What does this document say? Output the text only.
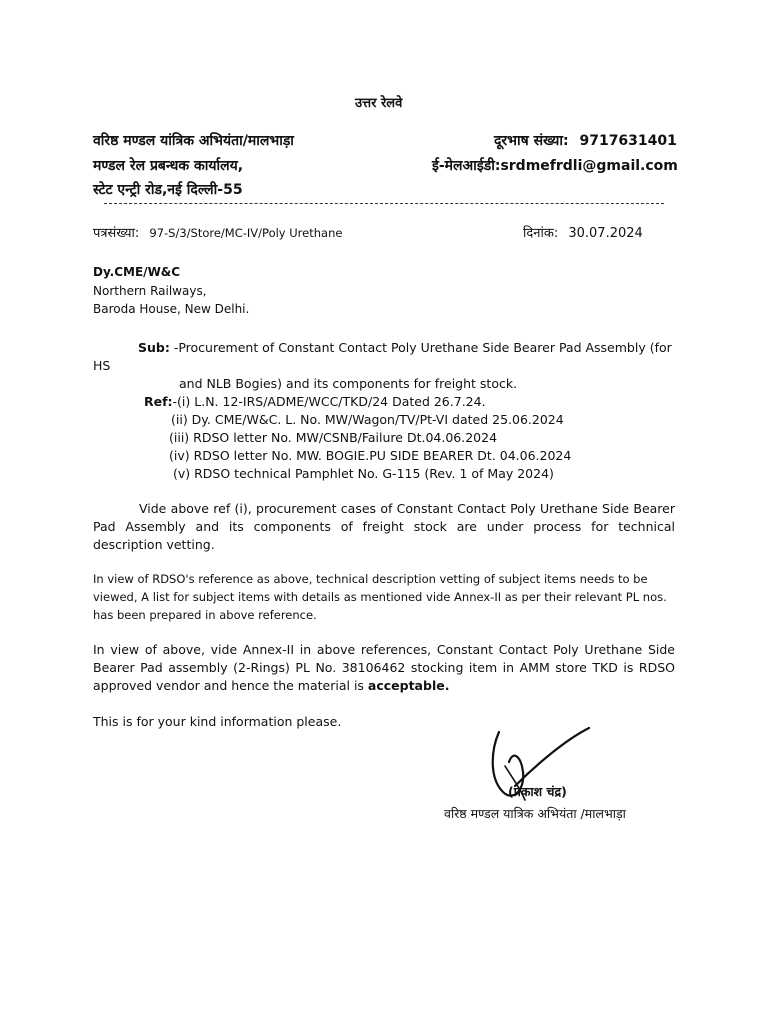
उत्तर रेलवे
वरिष्ठ मण्डल यांत्रिक अभियंता/मालभाड़ा
मण्डल रेल प्रबन्धक कार्यालय,
स्टेट एन्ट्री रोड,नई दिल्ली-55
दूरभाष संख्या: 9717631401
ई-मेलआईडी:srdmefrdli@gmail.com
पत्रसंख्या: 97-S/3/Store/MC-IV/Poly Urethane	दिनांक: 30.07.2024
Dy.CME/W&C
Northern Railways,
Baroda House, New Delhi.
Sub: -Procurement of Constant Contact Poly Urethane Side Bearer Pad Assembly (for
HS
and NLB Bogies) and its components for freight stock.
Ref:-(i) L.N. 12-IRS/ADME/WCC/TKD/24 Dated 26.7.24.
(ii) Dy. CME/W&C. L. No. MW/Wagon/TV/Pt-VI dated 25.06.2024
(iii) RDSO letter No. MW/CSNB/Failure Dt.04.06.2024
(iv) RDSO letter No. MW. BOGIE.PU SIDE BEARER Dt. 04.06.2024
(v) RDSO technical Pamphlet No. G-115 (Rev. 1 of May 2024)
Vide above ref (i), procurement cases of Constant Contact Poly Urethane Side Bearer Pad Assembly and its components of freight stock are under process for technical description vetting.
In view of RDSO's reference as above, technical description vetting of subject items needs to be viewed, A list for subject items with details as mentioned vide Annex-II as per their relevant PL nos. has been prepared in above reference.
In view of above, vide Annex-II in above references, Constant Contact Poly Urethane Side Bearer Pad assembly (2-Rings) PL No. 38106462 stocking item in AMM store TKD is RDSO approved vendor and hence the material is acceptable.
This is for your kind information please.
(प्रकाश चंद्र)
वरिष्ठ मण्डल यात्रिक अभियंता /मालभाड़ा
